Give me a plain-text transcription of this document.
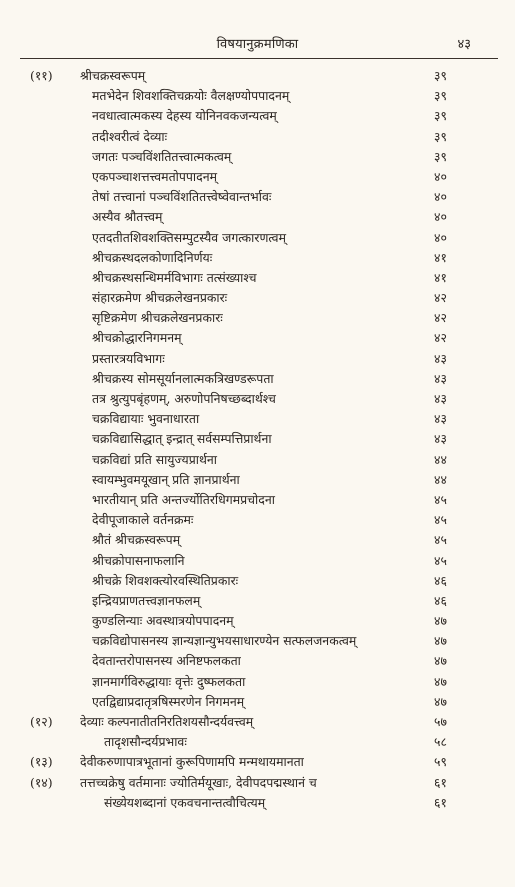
विषयानुक्रमणिका	४३
(११) श्रीचक्रस्वरूपम्	३९
मतभेदेन शिवशक्तिचक्रयोः वैलक्षण्योपपादनम्	३९
नवधात्वात्मकस्य देहस्य योनिनवकजन्यत्वम्	३९
तदीश्वरीत्वं देव्याः	३९
जगतः पञ्चविंशतितत्त्वात्मकत्वम्	३९
एकपञ्चाशत्तत्त्वमतोपपादनम्	४०
तेषां तत्त्वानां पञ्चविंशतितत्त्वेष्वेवान्तर्भावः	४०
अस्यैव श्रौतत्त्वम्	४०
एतदतीतशिवशक्तिसम्पुटस्यैव जगत्कारणत्वम्	४०
श्रीचक्रस्थदलकोणादिनिर्णयः	४१
श्रीचक्रस्थसन्धिमर्मविभागः तत्संख्याश्च	४१
संहारक्रमेण श्रीचक्रलेखनप्रकारः	४२
सृष्टिक्रमेण श्रीचक्रलेखनप्रकारः	४२
श्रीचक्रोद्धारनिगमनम्	४२
प्रस्तारत्रयविभागः	४३
श्रीचक्रस्य सोमसूर्यानलात्मकत्रिखण्डरूपता	४३
तत्र श्रुत्युपबृंहणम्, अरुणोपनिषच्छब्दार्थश्च	४३
चक्रविद्यायाः भुवनाधारता	४३
चक्रविद्यासिद्धात् इन्द्रात् सर्वसम्पत्तिप्रार्थना	४३
चक्रविद्यां प्रति सायुज्यप्रार्थना	४४
स्वायम्भुवमयूखान् प्रति ज्ञानप्रार्थना	४४
भारतीयान् प्रति अन्तर्ज्योतिरधिगमप्रचोदना	४५
देवीपूजाकाले वर्तनक्रमः	४५
श्रौतं श्रीचक्रस्वरूपम्	४५
श्रीचक्रोपासनाफलानि	४५
श्रीचक्रे शिवशक्त्योरवस्थितिप्रकारः	४६
इन्द्रियप्राणतत्त्वज्ञानफलम्	४६
कुण्डलिन्याः अवस्थात्रयोपपादनम्	४७
चक्रविद्योपासनस्य ज्ञान्यज्ञान्युभयसाधारण्येन सत्फलजनकत्वम्	४७
देवतान्तरोपासनस्य अनिष्टफलकता	४७
ज्ञानमार्गविरुद्धायाः वृत्तेः दुष्फलकता	४७
एतद्विद्याप्रदातृत्रषिस्मरणेन निगमनम्	४७
(१२) देव्याः कल्पनातीतनिरतिशयसौन्दर्यवत्त्वम्	५७
तादृशसौन्दर्यप्रभावः	५८
(१३) देवीकरुणापात्रभूतानां कुरूपिणामपि मन्मथायमानता	५९
(१४) तत्तच्चक्रेषु वर्तमानाः ज्योतिर्मयूखाः, देवीपदपद्मस्थानं च	६१
संख्येयशब्दानां एकवचनान्तत्वौचित्यम्	६१
